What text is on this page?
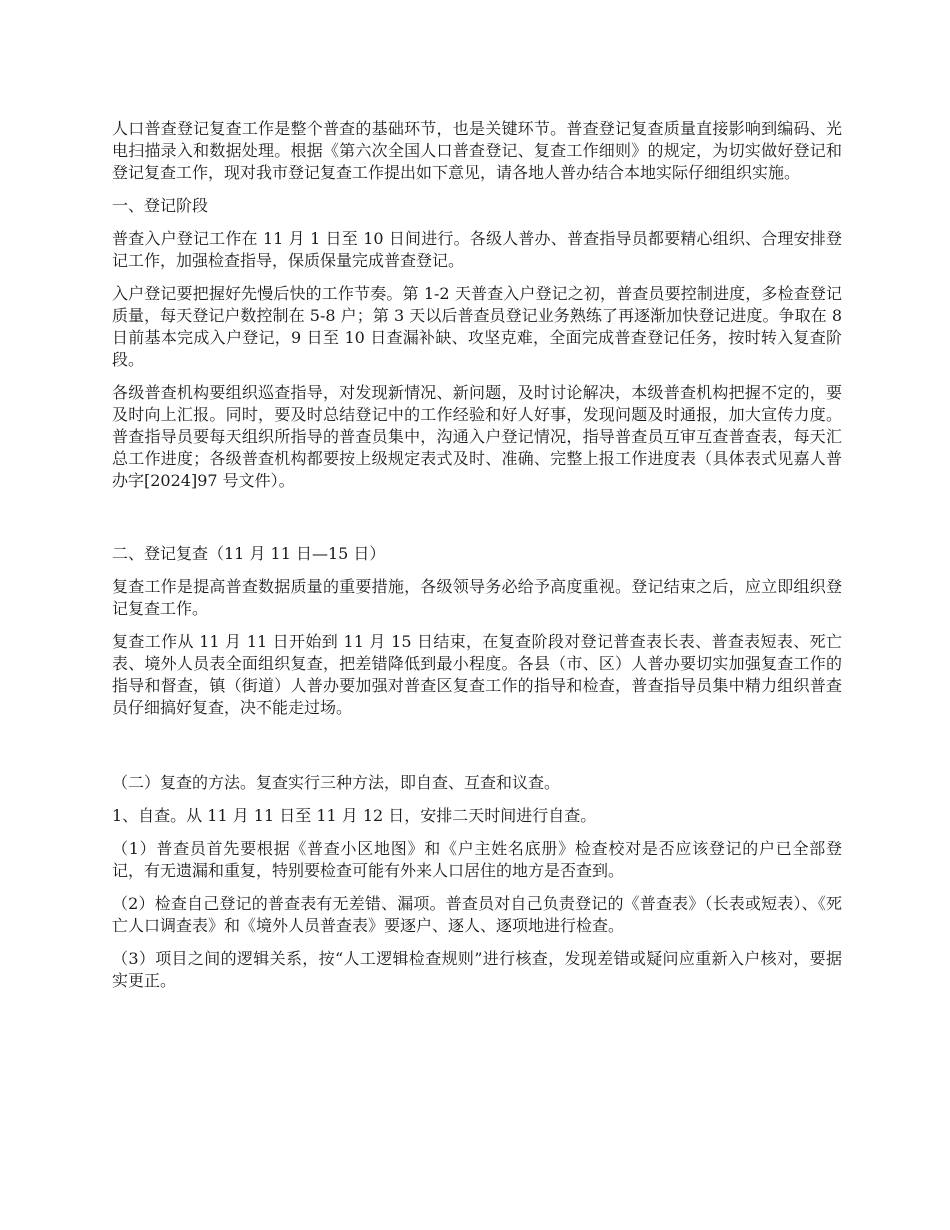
人口普查登记复查工作是整个普查的基础环节，也是关键环节。普查登记复查质量直接影响到编码、光电扫描录入和数据处理。根据《第六次全国人口普查登记、复查工作细则》的规定，为切实做好登记和登记复查工作，现对我市登记复查工作提出如下意见，请各地人普办结合本地实际仔细组织实施。

一、登记阶段

普查入户登记工作在 11 月 1 日至 10 日间进行。各级人普办、普查指导员都要精心组织、合理安排登记工作，加强检查指导，保质保量完成普查登记。

入户登记要把握好先慢后快的工作节奏。第 1-2 天普查入户登记之初，普查员要控制进度，多检查登记质量，每天登记户数控制在 5-8 户；第 3 天以后普查员登记业务熟练了再逐渐加快登记进度。争取在 8 日前基本完成入户登记，9 日至 10 日查漏补缺、攻坚克难，全面完成普查登记任务，按时转入复查阶段。

各级普查机构要组织巡查指导，对发现新情况、新问题，及时讨论解决，本级普查机构把握不定的，要及时向上汇报。同时，要及时总结登记中的工作经验和好人好事，发现问题及时通报，加大宣传力度。普查指导员要每天组织所指导的普查员集中，沟通入户登记情况，指导普查员互审互查普查表，每天汇总工作进度；各级普查机构都要按上级规定表式及时、准确、完整上报工作进度表（具体表式见嘉人普办字[2024]97 号文件）。

二、登记复查（11 月 11 日—15 日）

复查工作是提高普查数据质量的重要措施，各级领导务必给予高度重视。登记结束之后，应立即组织登记复查工作。

复查工作从 11 月 11 日开始到 11 月 15 日结束，在复查阶段对登记普查表长表、普查表短表、死亡表、境外人员表全面组织复查，把差错降低到最小程度。各县（市、区）人普办要切实加强复查工作的指导和督查，镇（街道）人普办要加强对普查区复查工作的指导和检查，普查指导员集中精力组织普查员仔细搞好复查，决不能走过场。

（二）复查的方法。复查实行三种方法，即自查、互查和议查。

1、自查。从 11 月 11 日至 11 月 12 日，安排二天时间进行自查。

（1）普查员首先要根据《普查小区地图》和《户主姓名底册》检查校对是否应该登记的户已全部登记，有无遗漏和重复，特别要检查可能有外来人口居住的地方是否查到。

（2）检查自己登记的普查表有无差错、漏项。普查员对自己负责登记的《普查表》（长表或短表）、《死亡人口调查表》和《境外人员普查表》要逐户、逐人、逐项地进行检查。

（3）项目之间的逻辑关系，按“人工逻辑检查规则”进行核查，发现差错或疑问应重新入户核对，要据实更正。
